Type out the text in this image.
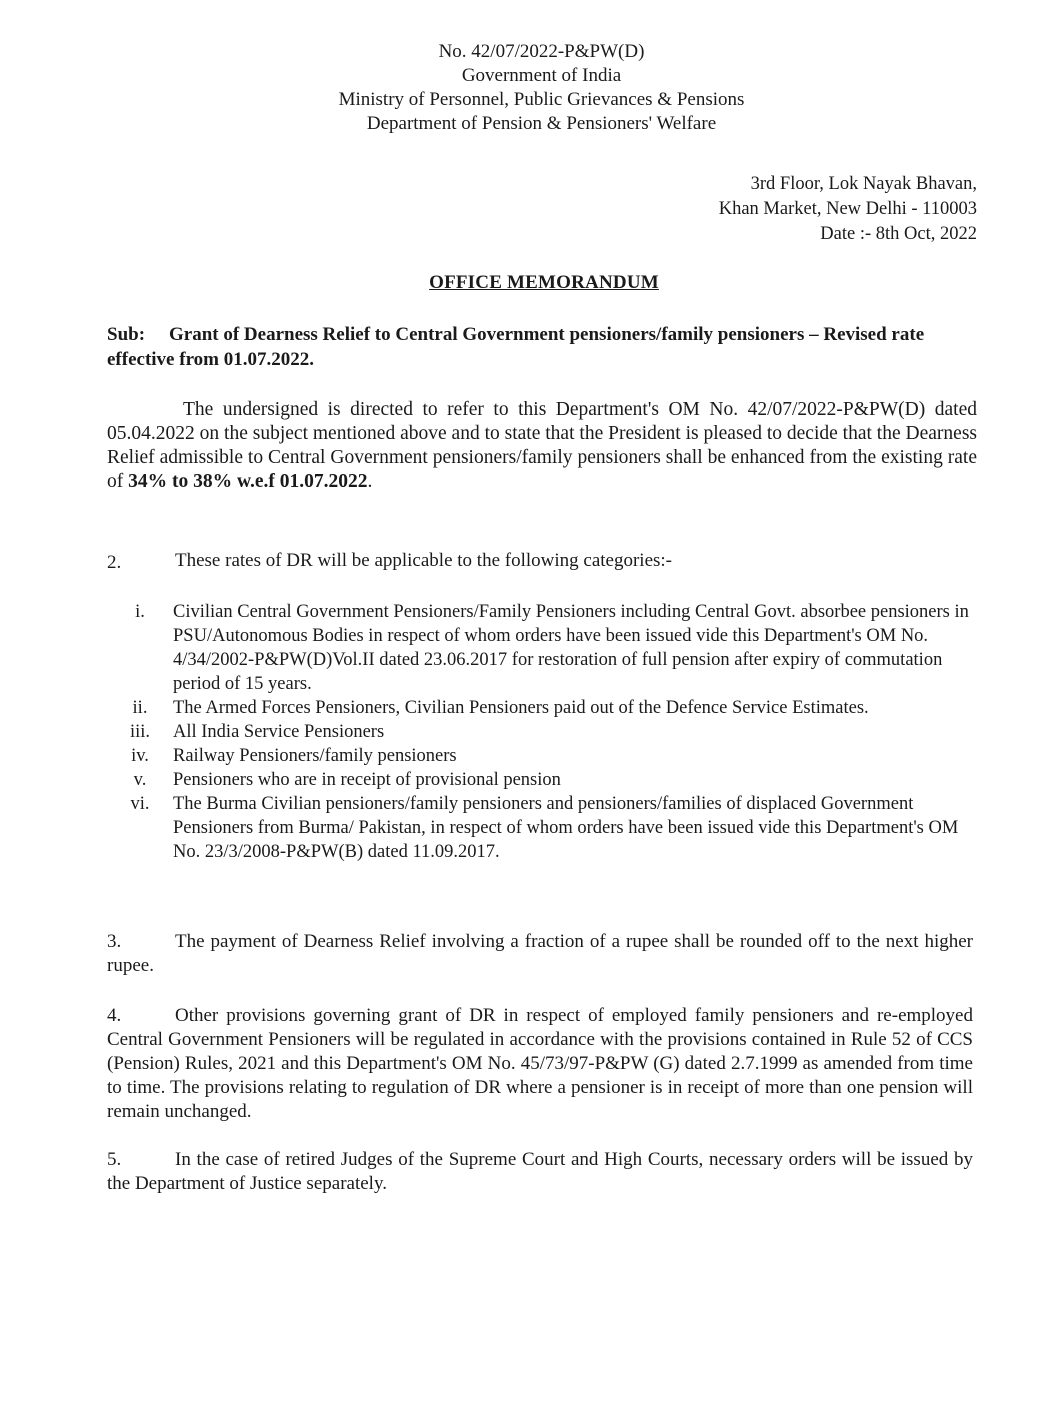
No. 42/07/2022-P&PW(D)
Government of India
Ministry of Personnel, Public Grievances & Pensions
Department of Pension & Pensioners' Welfare
3rd Floor, Lok Nayak Bhavan,
Khan Market, New Delhi - 110003
Date :- 8th Oct, 2022
OFFICE MEMORANDUM
Sub: Grant of Dearness Relief to Central Government pensioners/family pensioners – Revised rate effective from 01.07.2022.
The undersigned is directed to refer to this Department's OM No. 42/07/2022-P&PW(D) dated 05.04.2022 on the subject mentioned above and to state that the President is pleased to decide that the Dearness Relief admissible to Central Government pensioners/family pensioners shall be enhanced from the existing rate of 34% to 38% w.e.f 01.07.2022.
2.	These rates of DR will be applicable to the following categories:-
i.	Civilian Central Government Pensioners/Family Pensioners including Central Govt. absorbee pensioners in PSU/Autonomous Bodies in respect of whom orders have been issued vide this Department's OM No. 4/34/2002-P&PW(D)Vol.II dated 23.06.2017 for restoration of full pension after expiry of commutation period of 15 years.
ii.	The Armed Forces Pensioners, Civilian Pensioners paid out of the Defence Service Estimates.
iii.	All India Service Pensioners
iv.	Railway Pensioners/family pensioners
v.	Pensioners who are in receipt of provisional pension
vi.	The Burma Civilian pensioners/family pensioners and pensioners/families of displaced Government Pensioners from Burma/ Pakistan, in respect of whom orders have been issued vide this Department's OM No. 23/3/2008-P&PW(B) dated 11.09.2017.
3.	The payment of Dearness Relief involving a fraction of a rupee shall be rounded off to the next higher rupee.
4.	Other provisions governing grant of DR in respect of employed family pensioners and re-employed Central Government Pensioners will be regulated in accordance with the provisions contained in Rule 52 of CCS (Pension) Rules, 2021 and this Department's OM No. 45/73/97-P&PW (G) dated 2.7.1999 as amended from time to time. The provisions relating to regulation of DR where a pensioner is in receipt of more than one pension will remain unchanged.
5.	In the case of retired Judges of the Supreme Court and High Courts, necessary orders will be issued by the Department of Justice separately.
